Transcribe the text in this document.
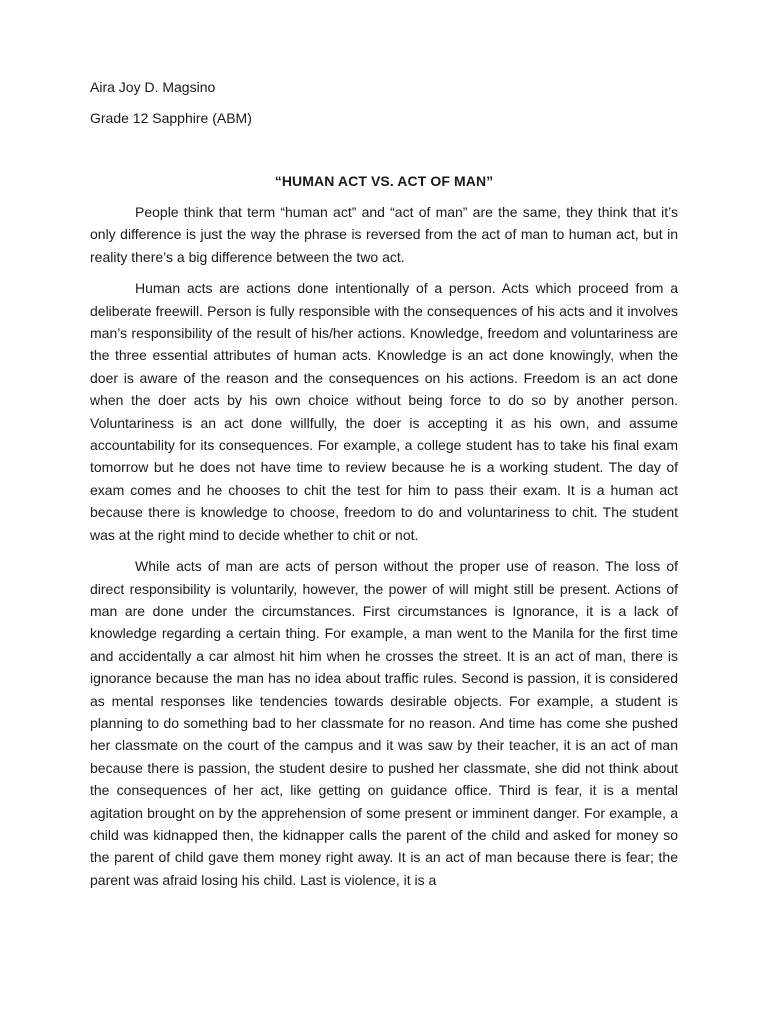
Aira Joy D. Magsino
Grade 12 Sapphire (ABM)
“HUMAN ACT VS. ACT OF MAN”

People think that term “human act” and “act of man” are the same, they think that it’s only difference is just the way the phrase is reversed from the act of man to human act, but in reality there’s a big difference between the two act.

Human acts are actions done intentionally of a person. Acts which proceed from a deliberate freewill. Person is fully responsible with the consequences of his acts and it involves man’s responsibility of the result of his/her actions. Knowledge, freedom and voluntariness are the three essential attributes of human acts. Knowledge is an act done knowingly, when the doer is aware of the reason and the consequences on his actions. Freedom is an act done when the doer acts by his own choice without being force to do so by another person. Voluntariness is an act done willfully, the doer is accepting it as his own, and assume accountability for its consequences. For example, a college student has to take his final exam tomorrow but he does not have time to review because he is a working student. The day of exam comes and he chooses to chit the test for him to pass their exam. It is a human act because there is knowledge to choose, freedom to do and voluntariness to chit. The student was at the right mind to decide whether to chit or not.

While acts of man are acts of person without the proper use of reason. The loss of direct responsibility is voluntarily, however, the power of will might still be present. Actions of man are done under the circumstances. First circumstances is Ignorance, it is a lack of knowledge regarding a certain thing. For example, a man went to the Manila for the first time and accidentally a car almost hit him when he crosses the street. It is an act of man, there is ignorance because the man has no idea about traffic rules. Second is passion, it is considered as mental responses like tendencies towards desirable objects. For example, a student is planning to do something bad to her classmate for no reason. And time has come she pushed her classmate on the court of the campus and it was saw by their teacher, it is an act of man because there is passion, the student desire to pushed her classmate, she did not think about the consequences of her act, like getting on guidance office. Third is fear, it is a mental agitation brought on by the apprehension of some present or imminent danger. For example, a child was kidnapped then, the kidnapper calls the parent of the child and asked for money so the parent of child gave them money right away. It is an act of man because there is fear; the parent was afraid losing his child. Last is violence, it is a
